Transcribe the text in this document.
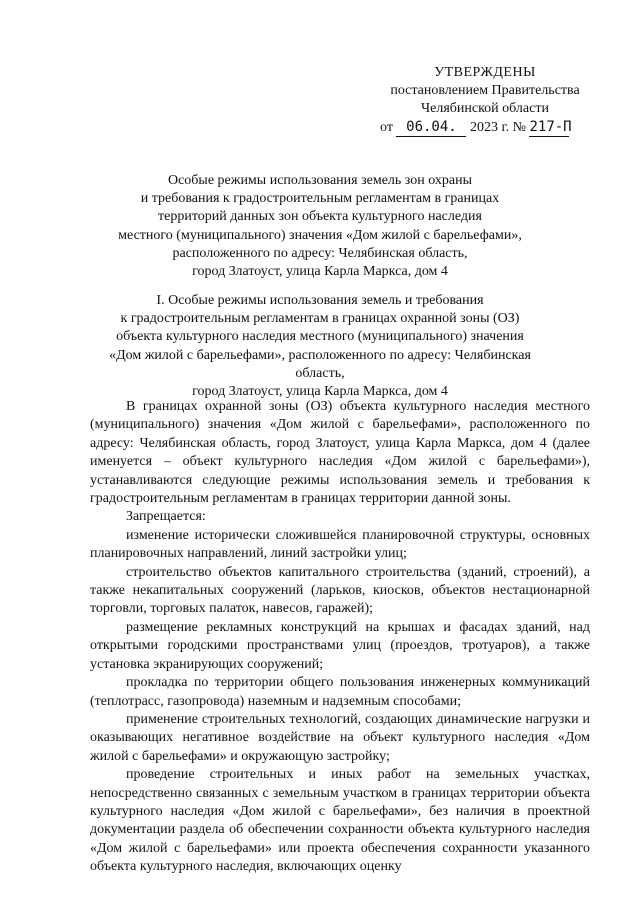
УТВЕРЖДЕНЫ
постановлением Правительства
Челябинской области
от 06.04. 2023 г. № 217-П
Особые режимы использования земель зон охраны
и требования к градостроительным регламентам в границах
территорий данных зон объекта культурного наследия
местного (муниципального) значения «Дом жилой с барельефами»,
расположенного по адресу: Челябинская область,
город Златоуст, улица Карла Маркса, дом 4
I. Особые режимы использования земель и требования
к градостроительным регламентам в границах охранной зоны (ОЗ)
объекта культурного наследия местного (муниципального) значения
«Дом жилой с барельефами», расположенного по адресу: Челябинская область,
город Златоуст, улица Карла Маркса, дом 4

В границах охранной зоны (ОЗ) объекта культурного наследия местного (муниципального) значения «Дом жилой с барельефами», расположенного по адресу: Челябинская область, город Златоуст, улица Карла Маркса, дом 4 (далее именуется – объект культурного наследия «Дом жилой с барельефами»), устанавливаются следующие режимы использования земель и требования к градостроительным регламентам в границах территории данной зоны.

Запрещается:

изменение исторически сложившейся планировочной структуры, основных планировочных направлений, линий застройки улиц;

строительство объектов капитального строительства (зданий, строений), а также некапитальных сооружений (ларьков, киосков, объектов нестационарной торговли, торговых палаток, навесов, гаражей);

размещение рекламных конструкций на крышах и фасадах зданий, над открытыми городскими пространствами улиц (проездов, тротуаров), а также установка экранирующих сооружений;

прокладка по территории общего пользования инженерных коммуникаций (теплотрасс, газопровода) наземным и надземным способами;

применение строительных технологий, создающих динамические нагрузки и оказывающих негативное воздействие на объект культурного наследия «Дом жилой с барельефами» и окружающую застройку;

проведение строительных и иных работ на земельных участках, непосредственно связанных с земельным участком в границах территории объекта культурного наследия «Дом жилой с барельефами», без наличия в проектной документации раздела об обеспечении сохранности объекта культурного наследия «Дом жилой с барельефами» или проекта обеспечения сохранности указанного объекта культурного наследия, включающих оценку
